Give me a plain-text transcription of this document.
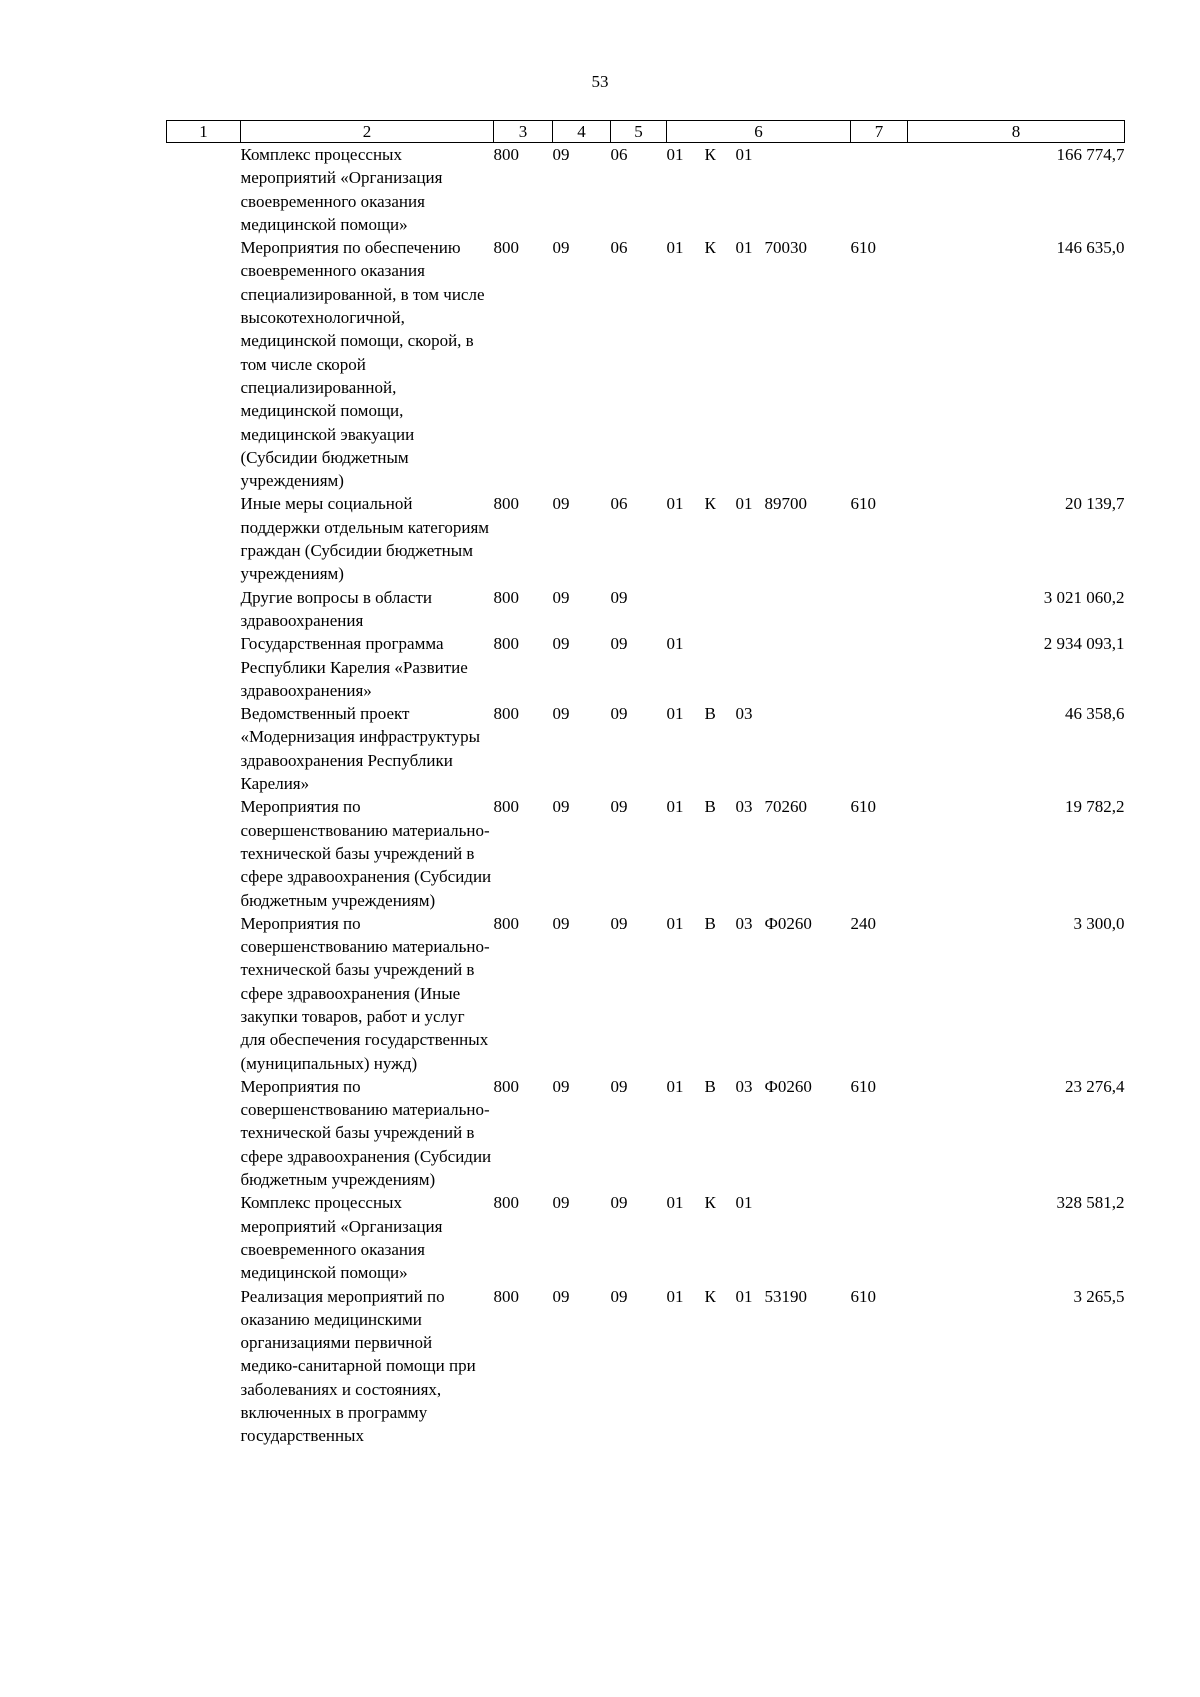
53
1	2	3	4	5	6				7	8
	Комплекс процессных мероприятий «Организация своевременного оказания медицинской помощи»	800	09	06	01	К	01			166 774,7
	Мероприятия по обеспечению своевременного оказания специализированной, в том числе высокотехнологичной, медицинской помощи, скорой, в том числе скорой специализированной, медицинской помощи, медицинской эвакуации (Субсидии бюджетным учреждениям)	800	09	06	01	К	01	70030	610	146 635,0
	Иные меры социальной поддержки отдельным категориям граждан (Субсидии бюджетным учреждениям)	800	09	06	01	К	01	89700	610	20 139,7
	Другие вопросы в области здравоохранения	800	09	09						3 021 060,2
	Государственная программа Республики Карелия «Развитие здравоохранения»	800	09	09	01					2 934 093,1
	Ведомственный проект «Модернизация инфраструктуры здравоохранения Республики Карелия»	800	09	09	01	В	03			46 358,6
	Мероприятия по совершенствованию материально-технической базы учреждений в сфере здравоохранения (Субсидии бюджетным учреждениям)	800	09	09	01	В	03	70260	610	19 782,2
	Мероприятия по совершенствованию материально-технической базы учреждений в сфере здравоохранения (Иные закупки товаров, работ и услуг для обеспечения государственных (муниципальных) нужд)	800	09	09	01	В	03	Ф0260	240	3 300,0
	Мероприятия по совершенствованию материально-технической базы учреждений в сфере здравоохранения (Субсидии бюджетным учреждениям)	800	09	09	01	В	03	Ф0260	610	23 276,4
	Комплекс процессных мероприятий «Организация своевременного оказания медицинской помощи»	800	09	09	01	К	01			328 581,2
	Реализация мероприятий по оказанию медицинскими организациями первичной медико-санитарной помощи при заболеваниях и состояниях, включенных в программу государственных	800	09	09	01	К	01	53190	610	3 265,5
